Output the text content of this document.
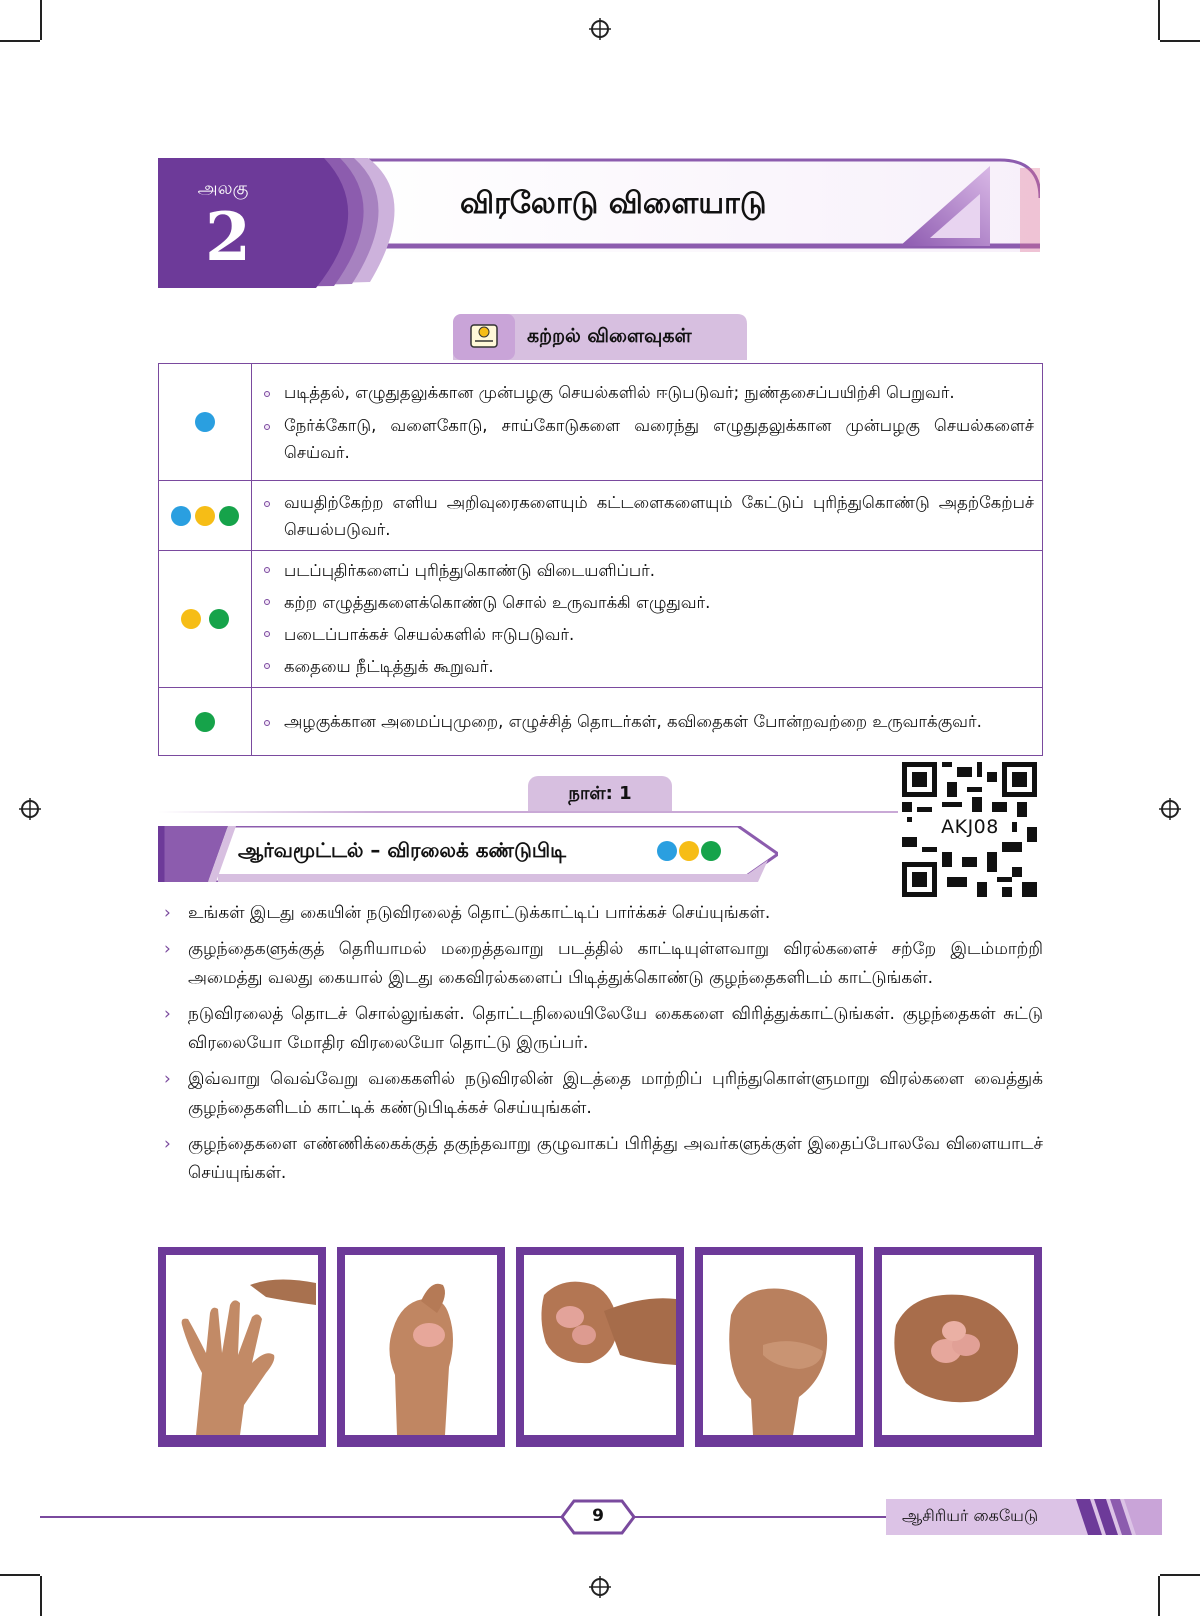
அலகு
2	விரலோடு விளையாடு
கற்றல் விளைவுகள்

	படித்தல், எழுதுதலுக்கான முன்பழகு செயல்களில் ஈடுபடுவர்; நுண்தசைப்பயிற்சி பெறுவர்.

நேர்க்கோடு, வளைகோடு, சாய்கோடுகளை வரைந்து எழுதுதலுக்கான முன்பழகு செயல்களைச் செய்வர்.

	வயதிற்கேற்ற எளிய அறிவுரைகளையும் கட்டளைகளையும் கேட்டுப் புரிந்துகொண்டு அதற்கேற்பச் செயல்படுவர்.

	படப்புதிர்களைப் புரிந்துகொண்டு விடையளிப்பர்.

கற்ற எழுத்துகளைக்கொண்டு சொல் உருவாக்கி எழுதுவர்.

படைப்பாக்கச் செயல்களில் ஈடுபடுவர்.

கதையை நீட்டித்துக் கூறுவர்.

	அழகுக்கான அமைப்புமுறை, எழுச்சித் தொடர்கள், கவிதைகள் போன்றவற்றை உருவாக்குவர்.

நாள்: 1
ஆர்வமூட்டல் – விரலைக் கண்டுபிடி
AKJ08
› உங்கள் இடது கையின் நடுவிரலைத் தொட்டுக்காட்டிப் பார்க்கச் செய்யுங்கள்.
› குழந்தைகளுக்குத் தெரியாமல் மறைத்தவாறு படத்தில் காட்டியுள்ளவாறு விரல்களைச் சற்றே இடம்மாற்றி அமைத்து வலது கையால் இடது கைவிரல்களைப் பிடித்துக்கொண்டு குழந்தைகளிடம் காட்டுங்கள்.
› நடுவிரலைத் தொடச் சொல்லுங்கள். தொட்டநிலையிலேயே கைகளை விரித்துக்காட்டுங்கள். குழந்தைகள் சுட்டு விரலையோ மோதிர விரலையோ தொட்டு இருப்பர்.
› இவ்வாறு வெவ்வேறு வகைகளில் நடுவிரலின் இடத்தை மாற்றிப் புரிந்துகொள்ளுமாறு விரல்களை வைத்துக் குழந்தைகளிடம் காட்டிக் கண்டுபிடிக்கச் செய்யுங்கள்.
› குழந்தைகளை எண்ணிக்கைக்குத் தகுந்தவாறு குழுவாகப் பிரித்து அவர்களுக்குள் இதைப்போலவே விளையாடச் செய்யுங்கள்.
9	ஆசிரியர் கையேடு
